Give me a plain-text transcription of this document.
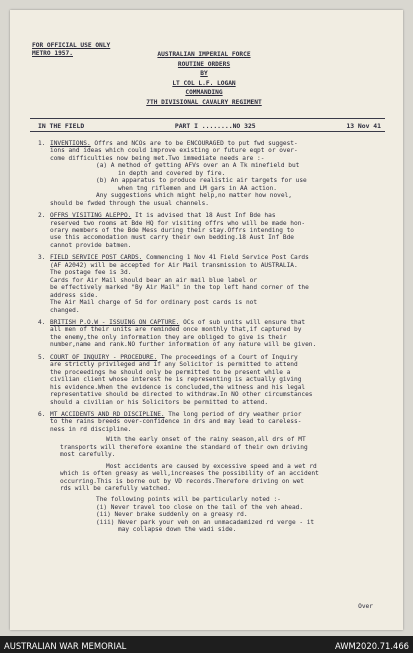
FOR OFFICIAL USE ONLY
METRO 1957.	AUSTRALIAN IMPERIAL FORCE
ROUTINE ORDERS
BY
LT COL L.F. LOGAN
COMMANDING
7TH DIVISIONAL CAVALRY REGIMENT
IN THE FIELD	PART I ........NO 325	13 Nov 41
1. INVENTIONS. Offrs and NCOs are to be ENCOURAGED to put fwd suggest-
ions and ideas which could improve existing or future eqpt or over-
come difficulties now being met.Two immediate needs are :-
(a) A method of getting AFVs over an A Tk minefield but
in depth and covered by fire.
(b) An apparatus to produce realistic air targets for use
when tng riflemen and LM gars in AA action.
Any suggestions which might help,no matter how novel,
should be fwded through the usual channels.
2. OFFRS VISITING ALEPPO. It is advised that 18 Aust Inf Bde has
reserved two rooms at Bde HQ for visiting offrs who will be made hon-
orary members of the Bde Mess during their stay.Offrs intending to
use this accomodation must carry their own bedding.18 Aust Inf Bde
cannot provide batmen.
3. FIELD SERVICE POST CARDS. Commencing 1 Nov 41 Field Service Post Cards
(AF A2042) will be accepted for Air Mail transmission to AUSTRALIA.
The postage fee is 3d.
Cards for Air Mail should bear an air mail blue label or
be effectively marked "By Air Mail" in the top left hand corner of the
address side.
The Air Mail charge of 5d for ordinary post cards is not
changed.
4. BRITISH P.O.W - ISSUING ON CAPTURE. OCs of sub units will ensure that
all men of their units are reminded once monthly that,if captured by
the enemy,the only information they are obliged to give is their
number,name and rank.NO further information of any nature will be given.
5. COURT OF INQUIRY - PROCEDURE. The proceedings of a Court of Inquiry
are strictly privileged and if any Solicitor is permitted to attend
the proceedings he should only be permitted to be present while a
civilian client whose interest he is representing is actually giving
his evidence.When the evidence is concluded,the witness and his legal
representative should be directed to withdraw.In NO other circumstances
should a civilian or his Solicitors be permitted to attend.
6. MT ACCIDENTS AND RD DISCIPLINE. The long period of dry weather prior
to the rains breeds over-confidence in drs and may lead to careless-
ness in rd discipline.
With the early onset of the rainy season,all drs of MT
transports will therefore examine the standard of their own driving
most carefully.
Most accidents are caused by excessive speed and a wet rd
which is often greasy as well,increases the possibility of an accident
occurring.This is borne out by VD records.Therefore driving on wet
rds will be carefully watched.
The following points will be particularly noted :-
(i) Never travel too close on the tail of the veh ahead.
(ii) Never brake suddenly on a greasy rd.
(iii) Never park your veh on an unmacadamized rd verge - it
may collapse down the wadi side.
Over
AUSTRALIAN WAR MEMORIAL	AWM2020.71.466
